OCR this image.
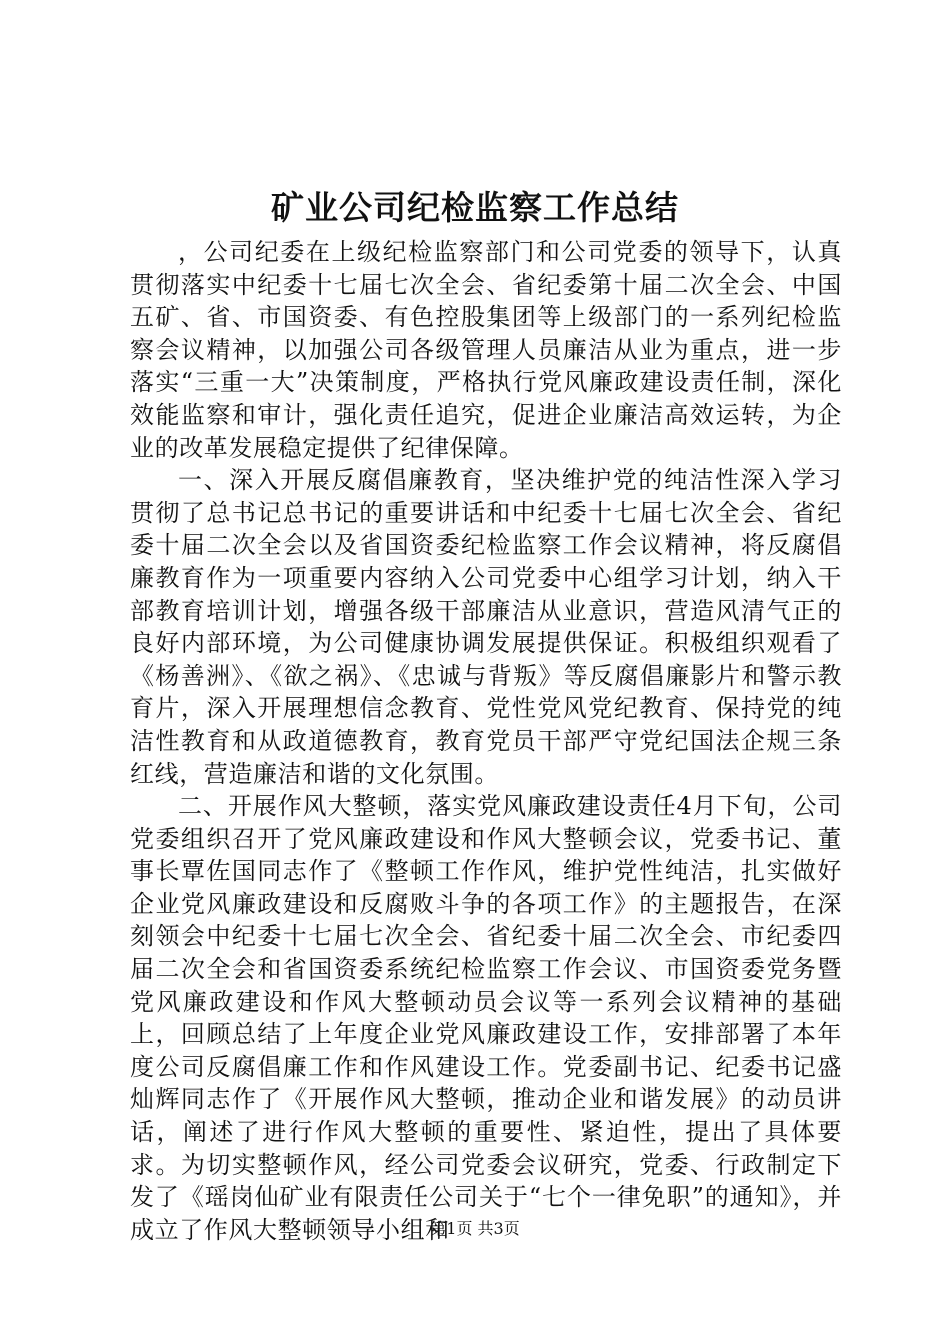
矿业公司纪检监察工作总结

，公司纪委在上级纪检监察部门和公司党委的领导下，认真贯彻落实中纪委十七届七次全会、省纪委第十届二次全会、中国五矿、省、市国资委、有色控股集团等上级部门的一系列纪检监察会议精神，以加强公司各级管理人员廉洁从业为重点，进一步落实“三重一大”决策制度，严格执行党风廉政建设责任制，深化效能监察和审计，强化责任追究，促进企业廉洁高效运转，为企业的改革发展稳定提供了纪律保障。

一、深入开展反腐倡廉教育，坚决维护党的纯洁性深入学习贯彻了总书记总书记的重要讲话和中纪委十七届七次全会、省纪委十届二次全会以及省国资委纪检监察工作会议精神，将反腐倡廉教育作为一项重要内容纳入公司党委中心组学习计划，纳入干部教育培训计划，增强各级干部廉洁从业意识，营造风清气正的良好内部环境，为公司健康协调发展提供保证。积极组织观看了《杨善洲》、《欲之祸》、《忠诚与背叛》等反腐倡廉影片和警示教育片，深入开展理想信念教育、党性党风党纪教育、保持党的纯洁性教育和从政道德教育，教育党员干部严守党纪国法企规三条红线，营造廉洁和谐的文化氛围。

二、开展作风大整顿，落实党风廉政建设责任4月下旬，公司党委组织召开了党风廉政建设和作风大整顿会议，党委书记、董事长覃佐国同志作了《整顿工作作风，维护党性纯洁，扎实做好企业党风廉政建设和反腐败斗争的各项工作》的主题报告，在深刻领会中纪委十七届七次全会、省纪委十届二次全会、市纪委四届二次全会和省国资委系统纪检监察工作会议、市国资委党务暨党风廉政建设和作风大整顿动员会议等一系列会议精神的基础上，回顾总结了上年度企业党风廉政建设工作，安排部署了本年度公司反腐倡廉工作和作风建设工作。党委副书记、纪委书记盛灿辉同志作了《开展作风大整顿，推动企业和谐发展》的动员讲话，阐述了进行作风大整顿的重要性、紧迫性，提出了具体要求。为切实整顿作风，经公司党委会议研究，党委、行政制定下发了《瑶岗仙矿业有限责任公司关于“七个一律免职”的通知》，并成立了作风大整顿领导小组和

第1页 共3页
